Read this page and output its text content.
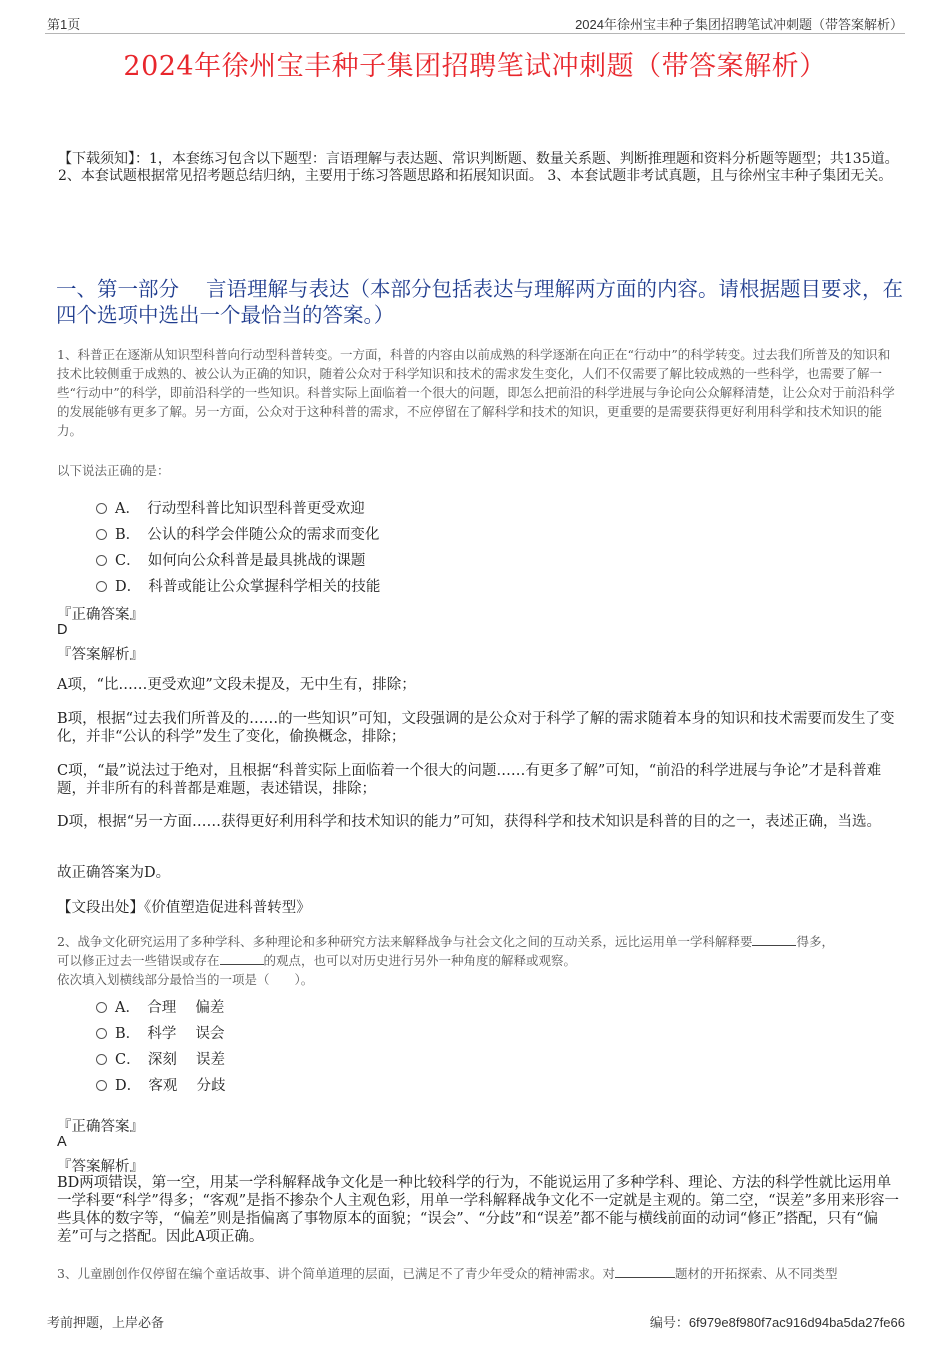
第1页	2024年徐州宝丰种子集团招聘笔试冲刺题（带答案解析）
2024年徐州宝丰种子集团招聘笔试冲刺题（带答案解析）
【下载须知】：1，本套练习包含以下题型：言语理解与表达题、常识判断题、数量关系题、判断推理题和资料分析题等题型；共135道。 2、本套试题根据常见招考题总结归纳，主要用于练习答题思路和拓展知识面。 3、本套试题非考试真题，且与徐州宝丰种子集团无关。
一、第一部分　 言语理解与表达（本部分包括表达与理解两方面的内容。请根据题目要求，在四个选项中选出一个最恰当的答案。）
1、科普正在逐渐从知识型科普向行动型科普转变。一方面，科普的内容由以前成熟的科学逐渐在向正在“行动中”的科学转变。过去我们所普及的知识和技术比较侧重于成熟的、被公认为正确的知识，随着公众对于科学知识和技术的需求发生变化，人们不仅需要了解比较成熟的一些科学，也需要了解一些“行动中”的科学，即前沿科学的一些知识。科普实际上面临着一个很大的问题，即怎么把前沿的科学进展与争论向公众解释清楚，让公众对于前沿科学的发展能够有更多了解。另一方面，公众对于这种科普的需求，不应停留在了解科学和技术的知识，更重要的是需要获得更好利用科学和技术知识的能力。
以下说法正确的是：
A．　 行动型科普比知识型科普更受欢迎
B．　 公认的科学会伴随公众的需求而变化
C．　 如何向公众科普是最具挑战的课题
D．　 科普或能让公众掌握科学相关的技能
『正确答案』
D
『答案解析』
A项，“比……更受欢迎”文段未提及，无中生有，排除；
B项，根据“过去我们所普及的……的一些知识”可知，文段强调的是公众对于科学了解的需求随着本身的知识和技术需要而发生了变化，并非“公认的科学”发生了变化，偷换概念，排除；
C项，“最”说法过于绝对，且根据“科普实际上面临着一个很大的问题……有更多了解”可知，“前沿的科学进展与争论”才是科普难题，并非所有的科普都是难题，表述错误，排除；
D项，根据“另一方面……获得更好利用科学和技术知识的能力”可知，获得科学和技术知识是科普的目的之一，表述正确，当选。
故正确答案为D。
【文段出处】《价值塑造促进科普转型》
2、战争文化研究运用了多种学科、多种理论和多种研究方法来解释战争与社会文化之间的互动关系，远比运用单一学科解释要	得多，
可以修正过去一些错误或存在	的观点，也可以对历史进行另外一种角度的解释或观察。
依次填入划横线部分最恰当的一项是（　　）。
A．　 合理　 偏差
B．　 科学　 误会
C．　 深刻　 误差
D．　 客观　 分歧
『正确答案』
A
『答案解析』
BD两项错误，第一空，用某一学科解释战争文化是一种比较科学的行为，不能说运用了多种学科、理论、方法的科学性就比运用单一学科要“科学”得多；“客观”是指不掺杂个人主观色彩，用单一学科解释战争文化不一定就是主观的。第二空，“误差”多用来形容一些具体的数字等，“偏差”则是指偏离了事物原本的面貌；“误会”、“分歧”和“误差”都不能与横线前面的动词“修正”搭配，只有“偏差”可与之搭配。因此A项正确。
3、儿童剧创作仅停留在编个童话故事、讲个简单道理的层面，已满足不了青少年受众的精神需求。对	题材的开拓探索、从不同类型
考前押题，上岸必备	编号：6f979e8f980f7ac916d94ba5da27fe66
